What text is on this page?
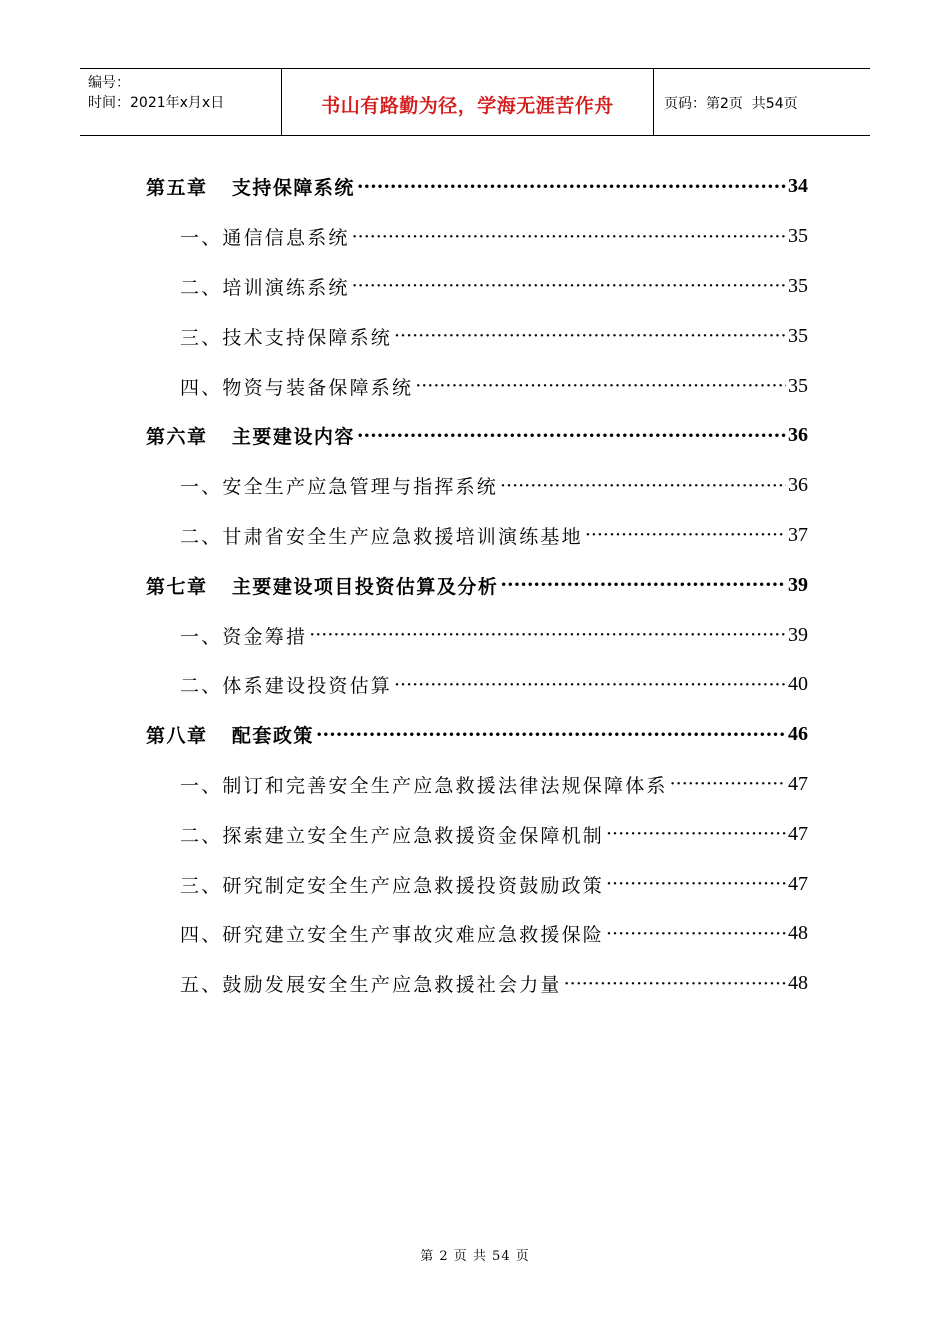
编号：
时间：2021年x月x日	书山有路勤为径，学海无涯苦作舟	页码：第2页  共54页
第五章   支持保障系统 ·····	34
一、通信信息系统 ·····	35
二、培训演练系统 ·····	35
三、技术支持保障系统 ·····	35
四、物资与装备保障系统 ·····	35
第六章   主要建设内容 ·····	36
一、安全生产应急管理与指挥系统 ·····	36
二、甘肃省安全生产应急救援培训演练基地 ·····	37
第七章   主要建设项目投资估算及分析 ·····	39
一、资金筹措 ·····	39
二、体系建设投资估算 ·····	40
第八章   配套政策 ·····	46
一、制订和完善安全生产应急救援法律法规保障体系 ·····	47
二、探索建立安全生产应急救援资金保障机制 ·····	47
三、研究制定安全生产应急救援投资鼓励政策 ·····	47
四、研究建立安全生产事故灾难应急救援保险 ·····	48
五、鼓励发展安全生产应急救援社会力量 ·····	48
第 2 页 共 54 页
